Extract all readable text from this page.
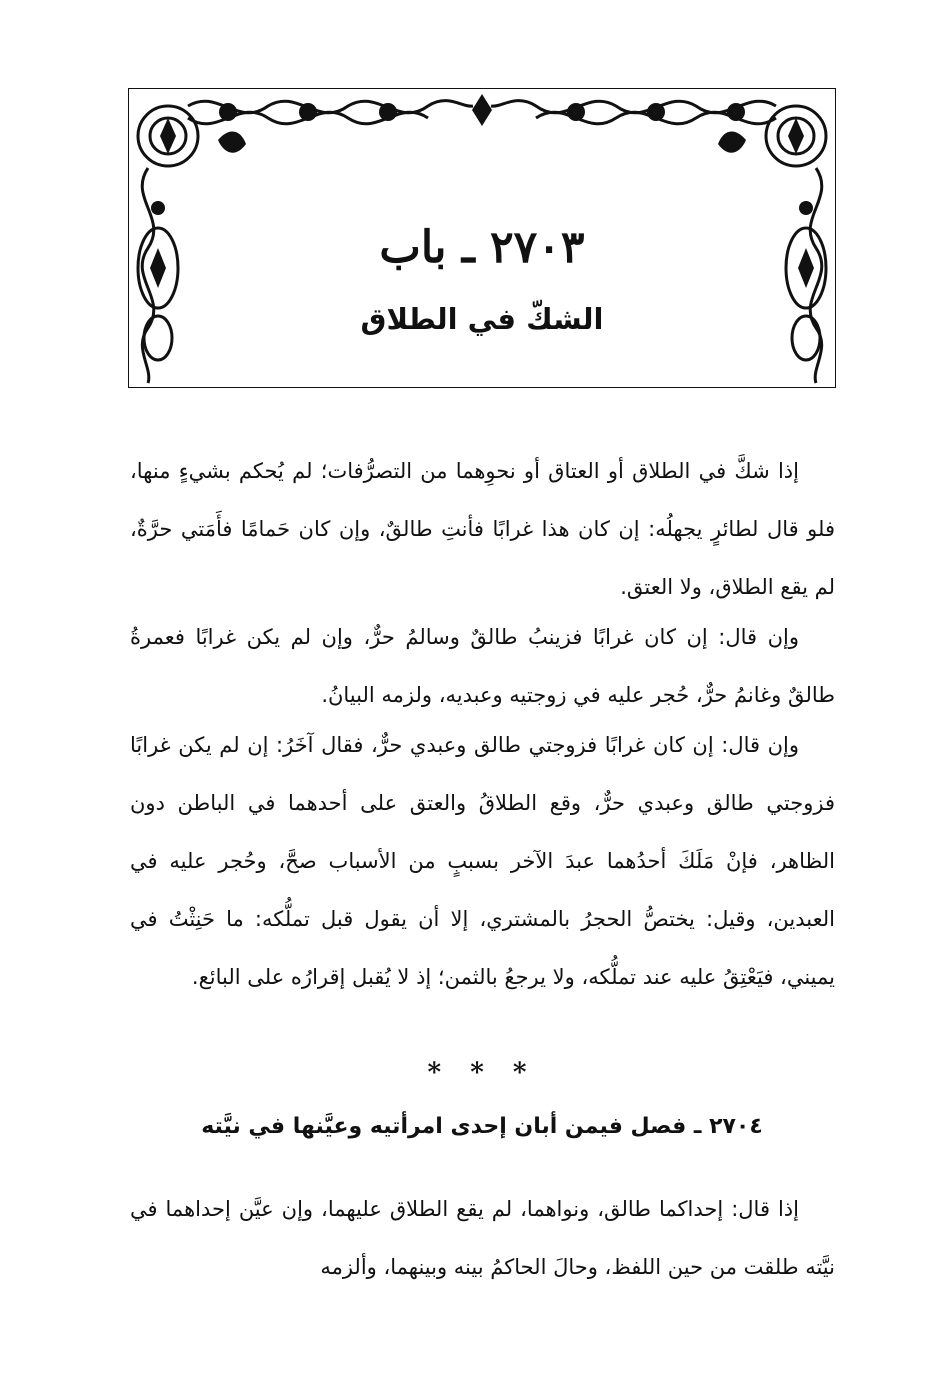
٢٧٠٣ ـ باب
الشكّ في الطلاق

إذا شكَّ في الطلاق أو العتاق أو نحوِهما من التصرُّفات؛ لم يُحكم بشيءٍ منها، فلو قال لطائرٍ يجهلُه: إن كان هذا غرابًا فأنتِ طالقٌ، وإن كان حَمامًا فأَمَتي حرَّةٌ، لم يقع الطلاق، ولا العتق.

وإن قال: إن كان غرابًا فزينبُ طالقٌ وسالمُ حرٌّ، وإن لم يكن غرابًا فعمرةُ طالقٌ وغانمُ حرٌّ، حُجر عليه في زوجتيه وعبديه، ولزمه البيانُ.

وإن قال: إن كان غرابًا فزوجتي طالق وعبدي حرٌّ، فقال آخَرُ: إن لم يكن غرابًا فزوجتي طالق وعبدي حرٌّ، وقع الطلاقُ والعتق على أحدهما في الباطن دون الظاهر، فإنْ مَلَكَ أحدُهما عبدَ الآخر بسببٍ من الأسباب صحَّ، وحُجر عليه في العبدين، وقيل: يختصُّ الحجرُ بالمشتري، إلا أن يقول قبل تملُّكه: ما حَنِثْتُ في يميني، فيَعْتِقُ عليه عند تملُّكه، ولا يرجعُ بالثمن؛ إذ لا يُقبل إقرارُه على البائع.

* * *
٢٧٠٤ ـ فصل فيمن أبان إحدى امرأتيه وعيَّنها في نيَّته

إذا قال: إحداكما طالق، ونواهما، لم يقع الطلاق عليهما، وإن عيَّن إحداهما في نيَّته طلقت من حين اللفظ، وحالَ الحاكمُ بينه وبينهما، وألزمه
